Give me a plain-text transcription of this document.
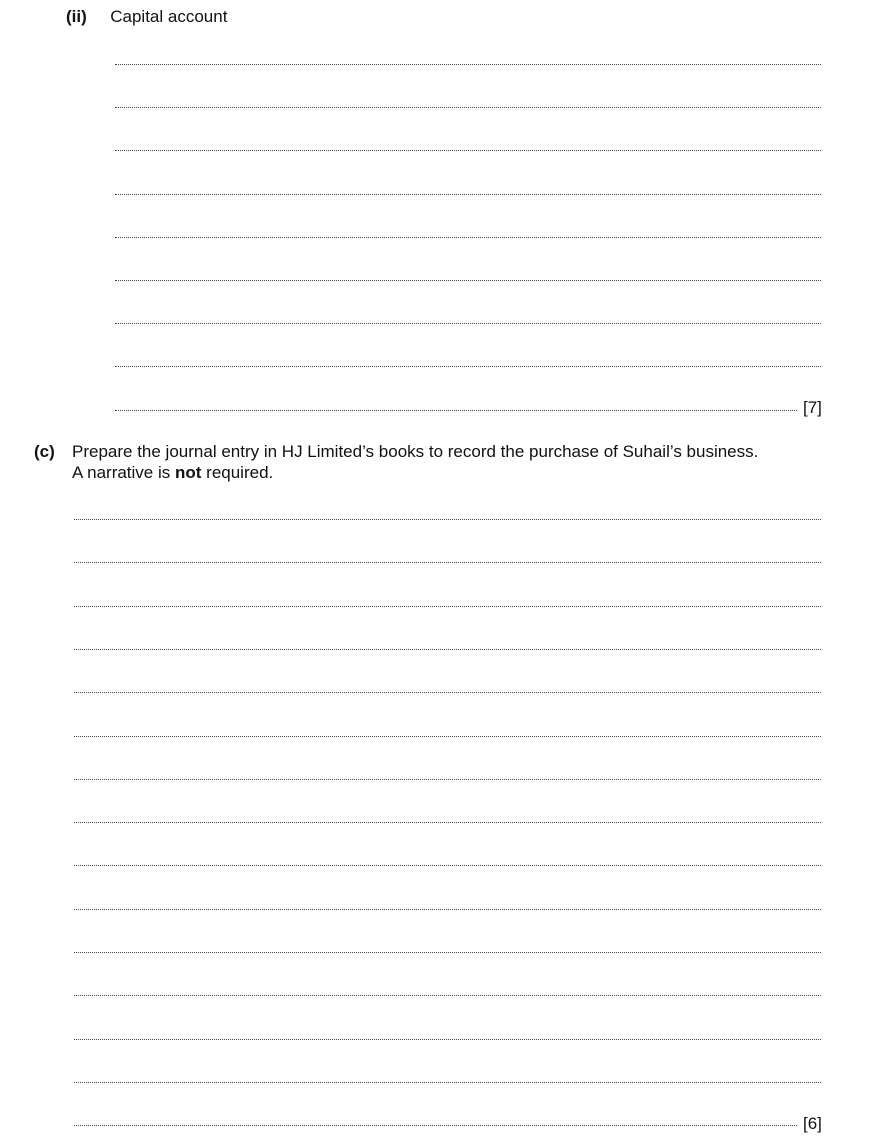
(ii) Capital account
[7]
(c) Prepare the journal entry in HJ Limited’s books to record the purchase of Suhail’s business.
A narrative is not required.
[6]
